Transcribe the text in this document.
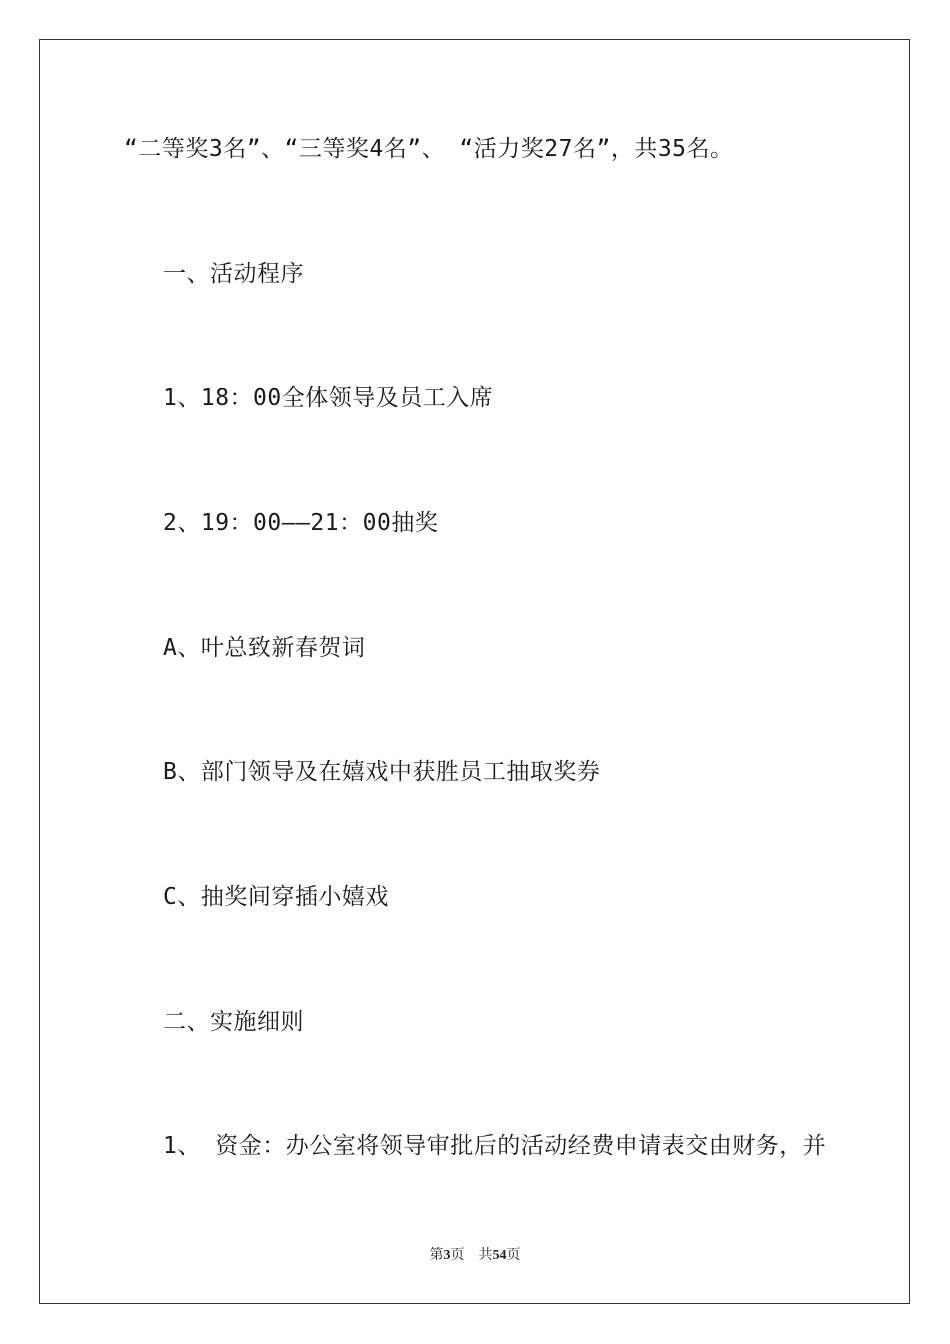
“二等奖3名”、“三等奖4名”、 “活力奖27名”，共35名。
一、活动程序
1、18：00全体领导及员工入席
2、19：00——21：00抽奖
A、叶总致新春贺词
B、部门领导及在嬉戏中获胜员工抽取奖券
C、抽奖间穿插小嬉戏
二、实施细则
1、 资金：办公室将领导审批后的活动经费申请表交由财务，并
第3页 共54页
